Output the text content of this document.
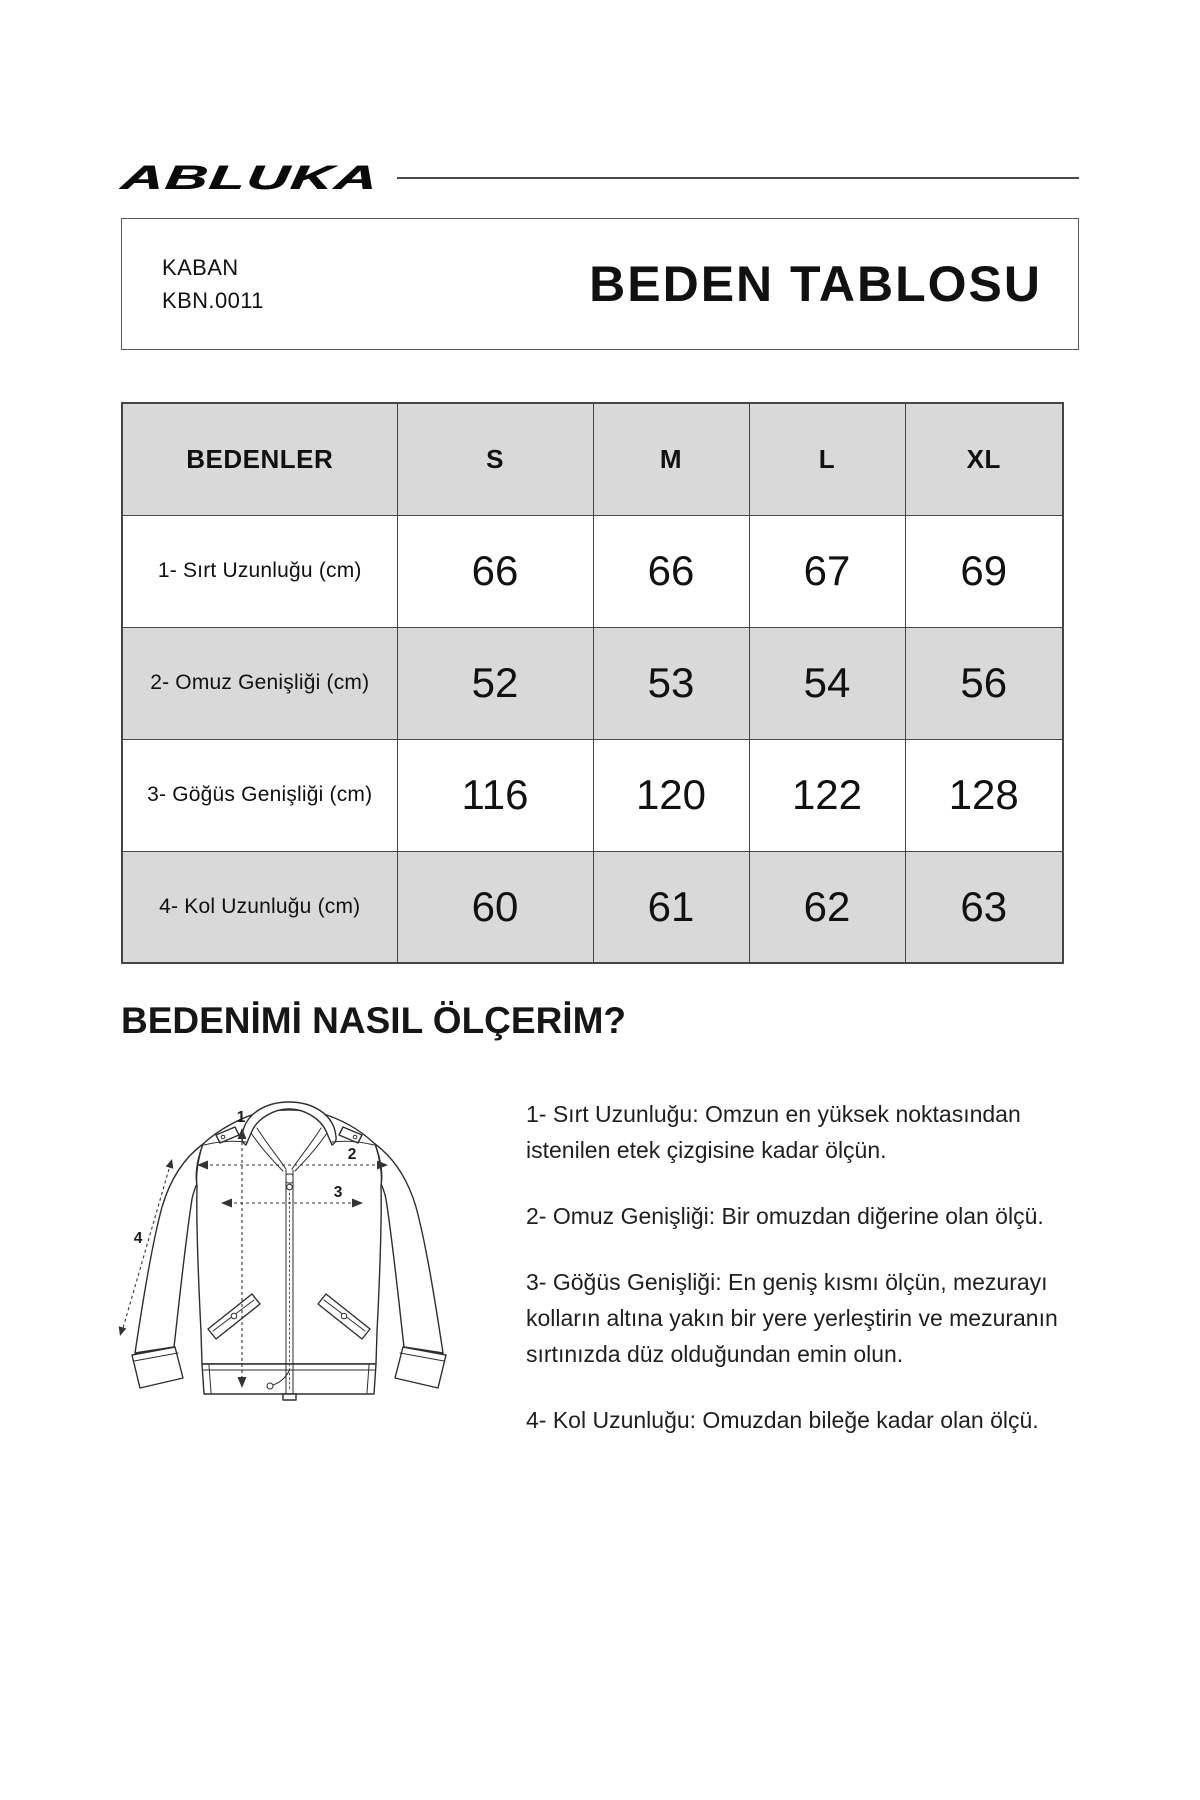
ABLUKA
KABAN
KBN.0011	BEDEN TABLOSU
BEDENLER	S	M	L	XL
1- Sırt Uzunluğu (cm)	66	66	67	69
2- Omuz Genişliği (cm)	52	53	54	56
3- Göğüs Genişliği (cm)	116	120	122	128
4- Kol Uzunluğu (cm)	60	61	62	63
BEDENİMİ NASIL ÖLÇERİM?
1
2
3
4

1- Sırt Uzunluğu: Omzun en yüksek noktasından istenilen etek çizgisine kadar ölçün.

2- Omuz Genişliği: Bir omuzdan diğerine olan ölçü.

3- Göğüs Genişliği: En geniş kısmı ölçün, mezurayı kolların altına yakın bir yere yerleştirin ve mezuranın sırtınızda düz olduğundan emin olun.

4- Kol Uzunluğu: Omuzdan bileğe kadar olan ölçü.
